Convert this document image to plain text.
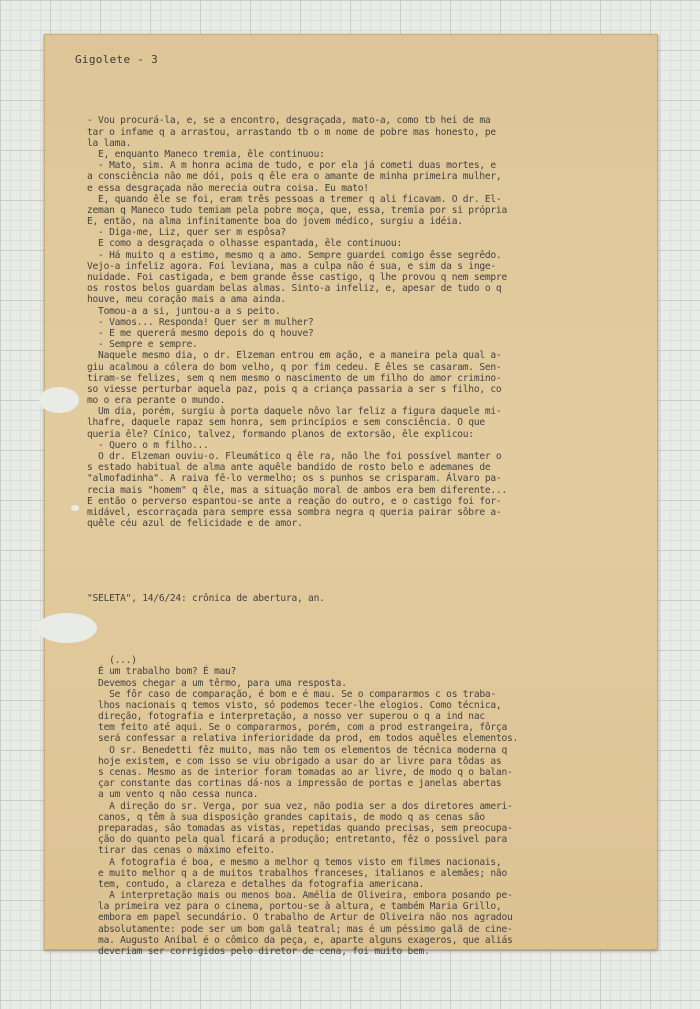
Gigolete - 3

- Vou procurá-la, e, se a encontro, desgraçada, mato-a, como tb hei de ma
tar o infame q a arrastou, arrastando tb o m nome de pobre mas honesto, pe
la lama.
E, enquanto Maneco tremia, êle continuou:
- Mato, sim. A m honra acima de tudo, e por ela já cometi duas mortes, e
a consciência não me dói, pois q êle era o amante de minha primeira mulher,
e essa desgraçada não merecia outra coisa. Eu mato!
E, quando êle se foi, eram três pessoas a tremer q ali ficavam. O dr. El-
zeman q Maneco tudo temiam pela pobre moça, que, essa, tremia por si própria
E, então, na alma infinitamente boa do jovem médico, surgiu a idéia.
- Diga-me, Liz, quer ser m espôsa?
E como a desgraçada o olhasse espantada, êle continuou:
- Há muito q a estimo, mesmo q a amo. Sempre guardei comigo êsse segrêdo.
Vejo-a infeliz agora. Foi leviana, mas a culpa não é sua, e sim da s inge-
nuidade. Foi castigada, e bem grande êsse castigo, q lhe provou q nem sempre
os rostos belos guardam belas almas. Sinto-a infeliz, e, apesar de tudo o q
houve, meu coração mais a ama ainda.
Tomou-a a si, juntou-a a s peito.
- Vamos... Responda! Quer ser m mulher?
- E me quererá mesmo depois do q houve?
- Sempre e sempre.
Naquele mesmo dia, o dr. Elzeman entrou em ação, e a maneira pela qual a-
giu acalmou a cólera do bom velho, q por fim cedeu. E êles se casaram. Sen-
tiram-se felizes, sem q nem mesmo o nascimento de um filho do amor crimino-
so viesse perturbar aquela paz, pois q a criança passaria a ser s filho, co
mo o era perante o mundo.
Um dia, porém, surgiu à porta daquele nôvo lar feliz a figura daquele mi-
lhafre, daquele rapaz sem honra, sem princípios e sem consciência. O que
queria êle? Cínico, talvez, formando planos de extorsão, êle explicou:
- Quero o m filho...
O dr. Elzeman ouviu-o. Fleumático q êle ra, não lhe foi possível manter o
s estado habitual de alma ante aquêle bandido de rosto belo e ademanes de
"almofadinha". A raiva fê-lo vermelho; os s punhos se crisparam. Álvaro pa-
recia mais "homem" q êle, mas a situação moral de ambos era bem diferente...
E então o perverso espantou-se ante a reação do outro, e o castigo foi for-
midável, escorraçada para sempre essa sombra negra q queria pairar sôbre a-
quêle céu azul de felicidade e de amor.

"SELETA", 14/6/24: crônica de abertura, an.

(...)
É um trabalho bom? É mau?
Devemos chegar a um têrmo, para uma resposta.
Se fôr caso de comparação, é bom e é mau. Se o compararmos c os traba-
lhos nacionais q temos visto, só podemos tecer-lhe elogios. Como técnica,
direção, fotografia e interpretação, a nosso ver superou o q a ind nac
tem feito até aqui. Se o compararmos, porém, com a prod estrangeira, fôrça
será confessar a relativa inferioridade da prod, em todos aquêles elementos.
O sr. Benedetti fêz muito, mas não tem os elementos de técnica moderna q
hoje existem, e com isso se viu obrigado a usar do ar livre para tôdas as
s cenas. Mesmo as de interior foram tomadas ao ar livre, de modo q o balan-
çar constante das cortinas dá-nos a impressão de portas e janelas abertas
a um vento q não cessa nunca.
A direção do sr. Verga, por sua vez, não podia ser a dos diretores ameri-
canos, q têm à sua disposição grandes capitais, de modo q as cenas são
preparadas, são tomadas as vistas, repetidas quando precisas, sem preocupa-
ção do quanto pela qual ficará a produção; entretanto, fêz o possível para
tirar das cenas o máximo efeito.
A fotografia é boa, e mesmo a melhor q temos visto em filmes nacionais,
e muito melhor q a de muitos trabalhos franceses, italianos e alemães; não
tem, contudo, a clareza e detalhes da fotografia americana.
A interpretação mais ou menos boa. Amélia de Oliveira, embora posando pe-
la primeira vez para o cinema, portou-se à altura, e também Maria Grillo,
embora em papel secundário. O trabalho de Artur de Oliveira não nos agradou
absolutamente: pode ser um bom galã teatral; mas é um péssimo galã de cine-
ma. Augusto Aníbal é o cômico da peça, e, aparte alguns exageros, que aliás
deveriam ser corrigidos pelo diretor de cena, foi muito bem.
